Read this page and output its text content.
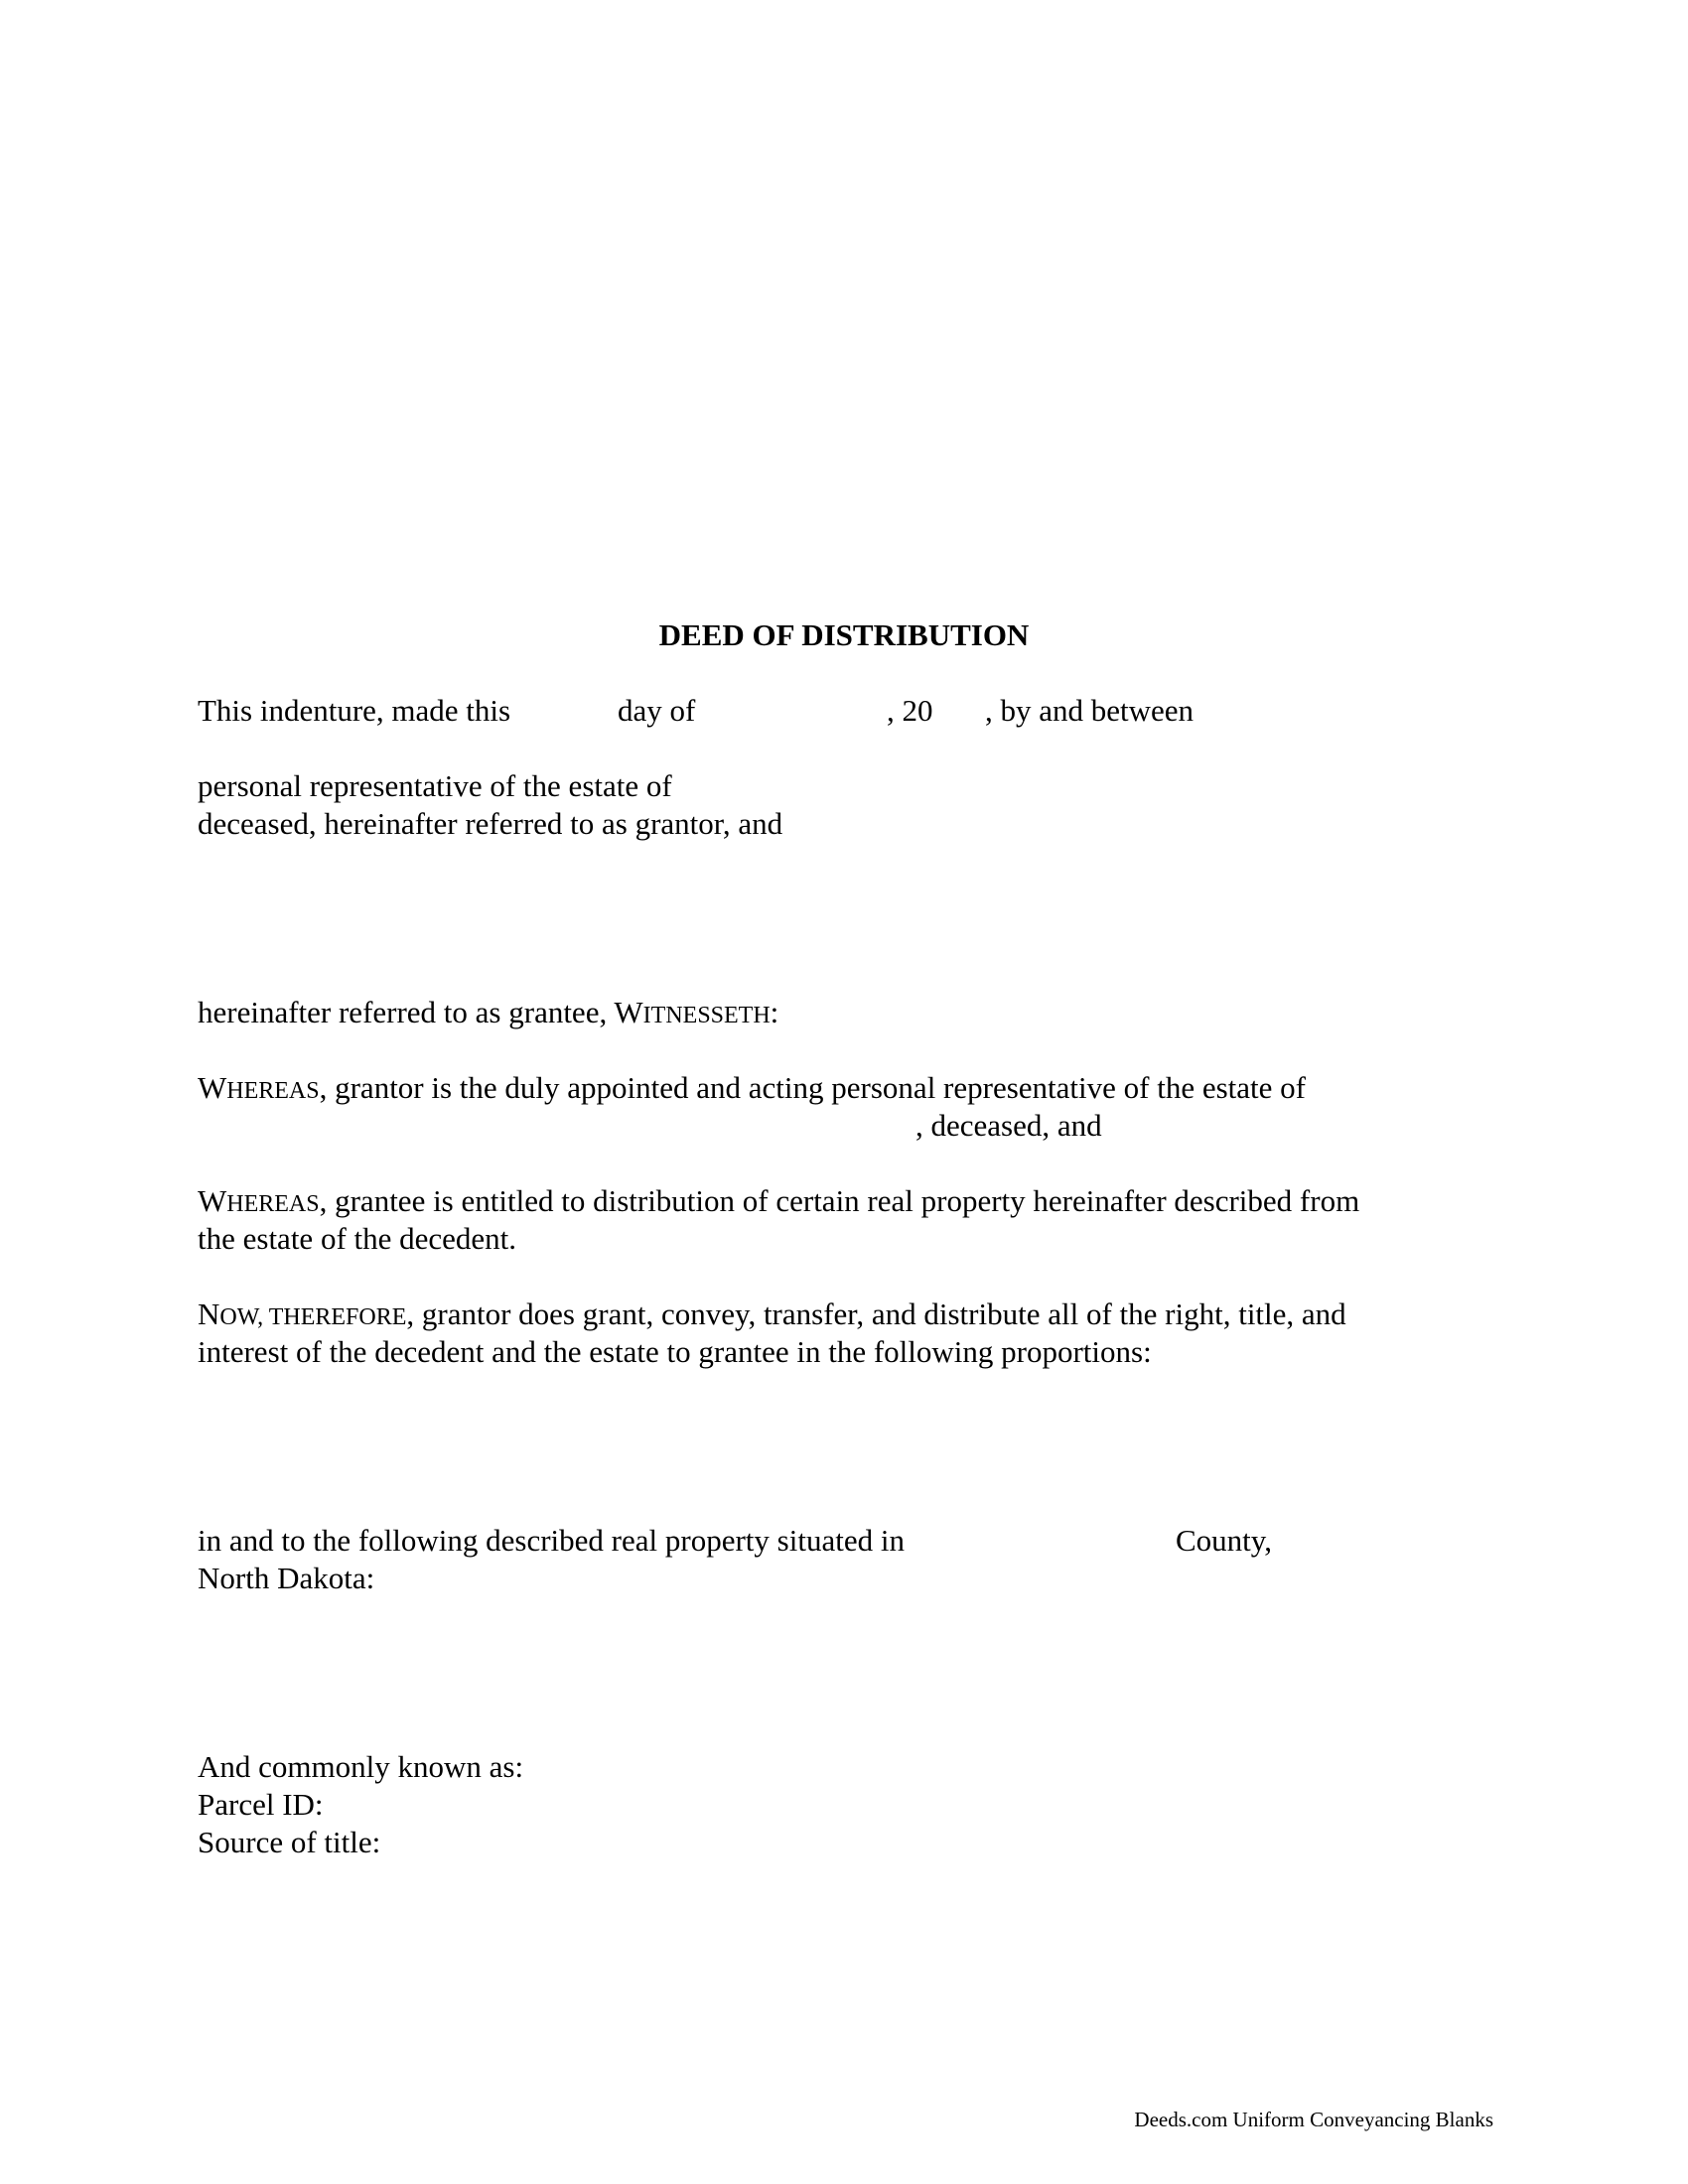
DEED OF DISTRIBUTION
This indenture, made this	day of	, 20 , by and between
personal representative of the estate of
deceased, hereinafter referred to as grantor, and
hereinafter referred to as grantee, WITNESSETH:
WHEREAS, grantor is the duly appointed and acting personal representative of the estate of
, deceased, and
WHEREAS, grantee is entitled to distribution of certain real property hereinafter described from
the estate of the decedent.
NOW, THEREFORE, grantor does grant, convey, transfer, and distribute all of the right, title, and
interest of the decedent and the estate to grantee in the following proportions:
in and to the following described real property situated in	County,
North Dakota:
And commonly known as:
Parcel ID:
Source of title:
Deeds.com Uniform Conveyancing Blanks
